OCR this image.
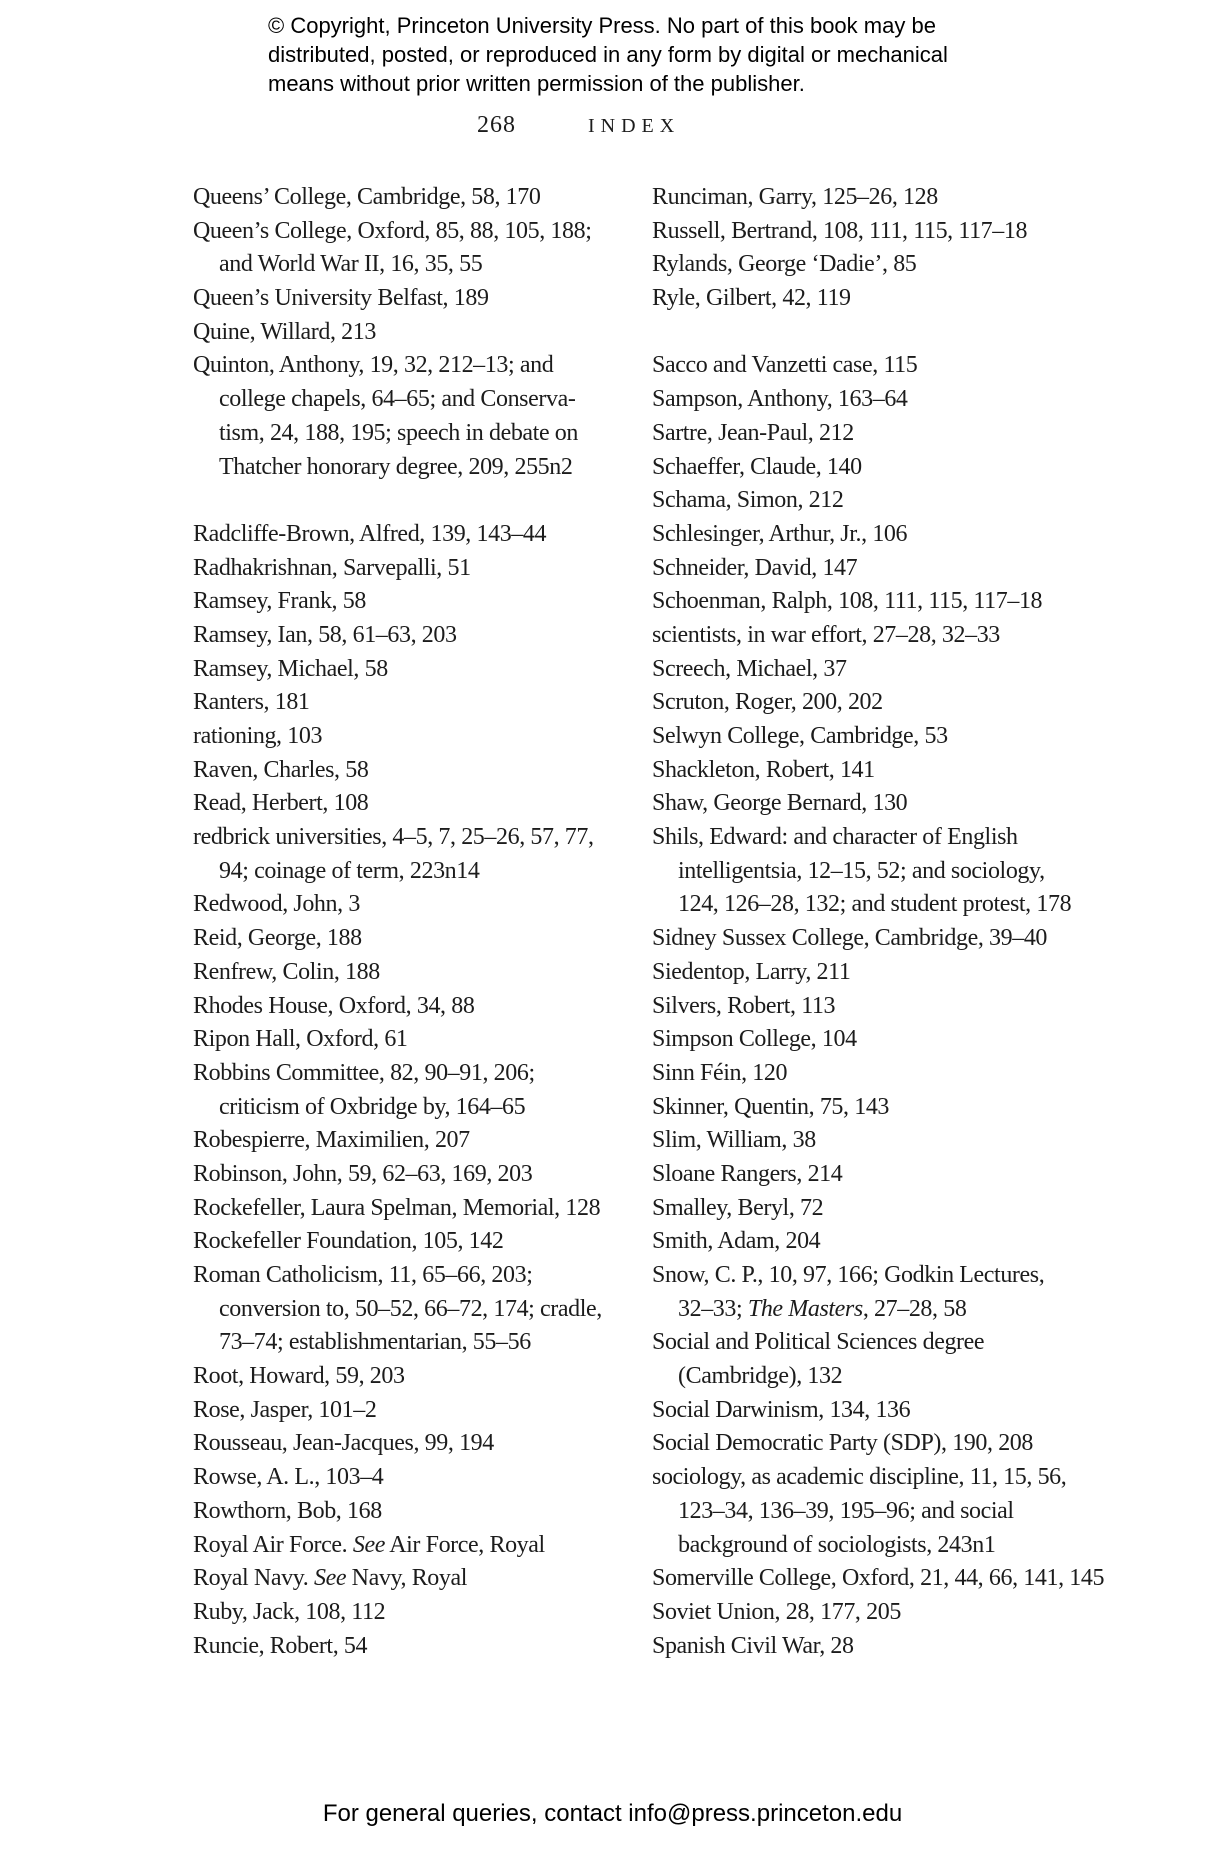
© Copyright, Princeton University Press. No part of this book may be
distributed, posted, or reproduced in any form by digital or mechanical
means without prior written permission of the publisher.
268	INDEX
Queens’ College, Cambridge, 58, 170
Queen’s College, Oxford, 85, 88, 105, 188;
and World War II, 16, 35, 55
Queen’s University Belfast, 189
Quine, Willard, 213
Quinton, Anthony, 19, 32, 212–13; and
college chapels, 64–65; and Conserva-
tism, 24, 188, 195; speech in debate on
Thatcher honorary degree, 209, 255n2
Radcliffe-Brown, Alfred, 139, 143–44
Radhakrishnan, Sarvepalli, 51
Ramsey, Frank, 58
Ramsey, Ian, 58, 61–63, 203
Ramsey, Michael, 58
Ranters, 181
rationing, 103
Raven, Charles, 58
Read, Herbert, 108
redbrick universities, 4–5, 7, 25–26, 57, 77,
94; coinage of term, 223n14
Redwood, John, 3
Reid, George, 188
Renfrew, Colin, 188
Rhodes House, Oxford, 34, 88
Ripon Hall, Oxford, 61
Robbins Committee, 82, 90–91, 206;
criticism of Oxbridge by, 164–65
Robespierre, Maximilien, 207
Robinson, John, 59, 62–63, 169, 203
Rockefeller, Laura Spelman, Memorial, 128
Rockefeller Foundation, 105, 142
Roman Catholicism, 11, 65–66, 203;
conversion to, 50–52, 66–72, 174; cradle,
73–74; establishmentarian, 55–56
Root, Howard, 59, 203
Rose, Jasper, 101–2
Rousseau, Jean-Jacques, 99, 194
Rowse, A. L., 103–4
Rowthorn, Bob, 168
Royal Air Force. See Air Force, Royal
Royal Navy. See Navy, Royal
Ruby, Jack, 108, 112
Runcie, Robert, 54
Runciman, Garry, 125–26, 128
Russell, Bertrand, 108, 111, 115, 117–18
Rylands, George ‘Dadie’, 85
Ryle, Gilbert, 42, 119
Sacco and Vanzetti case, 115
Sampson, Anthony, 163–64
Sartre, Jean-Paul, 212
Schaeffer, Claude, 140
Schama, Simon, 212
Schlesinger, Arthur, Jr., 106
Schneider, David, 147
Schoenman, Ralph, 108, 111, 115, 117–18
scientists, in war effort, 27–28, 32–33
Screech, Michael, 37
Scruton, Roger, 200, 202
Selwyn College, Cambridge, 53
Shackleton, Robert, 141
Shaw, George Bernard, 130
Shils, Edward: and character of English
intelligentsia, 12–15, 52; and sociology,
124, 126–28, 132; and student protest, 178
Sidney Sussex College, Cambridge, 39–40
Siedentop, Larry, 211
Silvers, Robert, 113
Simpson College, 104
Sinn Féin, 120
Skinner, Quentin, 75, 143
Slim, William, 38
Sloane Rangers, 214
Smalley, Beryl, 72
Smith, Adam, 204
Snow, C. P., 10, 97, 166; Godkin Lectures,
32–33; The Masters, 27–28, 58
Social and Political Sciences degree
(Cambridge), 132
Social Darwinism, 134, 136
Social Democratic Party (SDP), 190, 208
sociology, as academic discipline, 11, 15, 56,
123–34, 136–39, 195–96; and social
background of sociologists, 243n1
Somerville College, Oxford, 21, 44, 66, 141, 145
Soviet Union, 28, 177, 205
Spanish Civil War, 28
For general queries, contact info@press.princeton.edu
